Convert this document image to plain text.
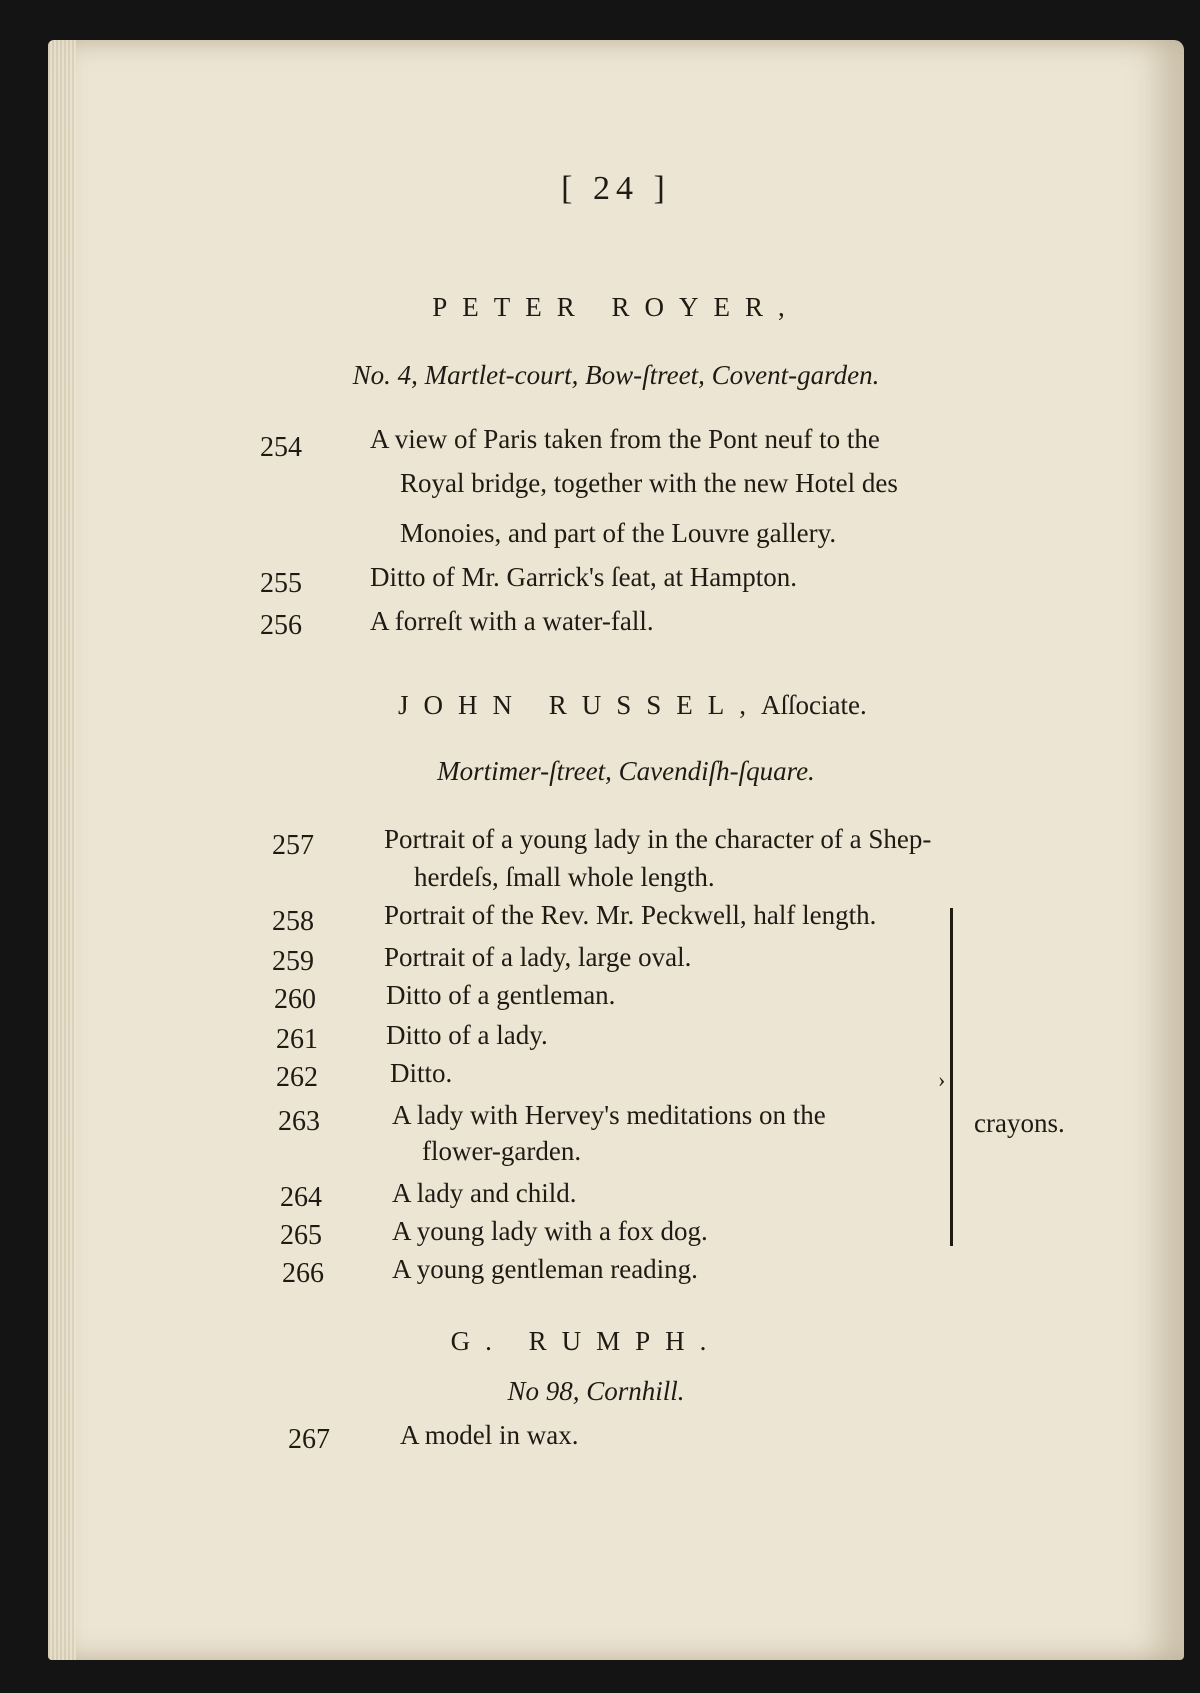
[ 24 ]
PETER ROYER,
No. 4, Martlet-court, Bow-ſtreet, Covent-garden.
254	A view of Paris taken from the Pont neuf to the
Royal bridge, together with the new Hotel des
Monoies, and part of the Louvre gallery.
255	Ditto of Mr. Garrick's ſeat, at Hampton.
256	A forreſt with a water-fall.
JOHN RUSSEL,Aſſociate.
Mortimer-ſtreet, Cavendiſh-ſquare.
257	Portrait of a young lady in the character of a Shep-
herdeſs, ſmall whole length.
258	Portrait of the Rev. Mr. Peckwell, half length.
259	Portrait of a lady, large oval.
260	Ditto of a gentleman.
261	Ditto of a lady.
262	Ditto.
263	A lady with Hervey's meditations on the
flower-garden.
264	A lady and child.
265	A young lady with a fox dog.
266	A young gentleman reading.
›
crayons.
G. RUMPH.
No 98, Cornhill.
267	A model in wax.
